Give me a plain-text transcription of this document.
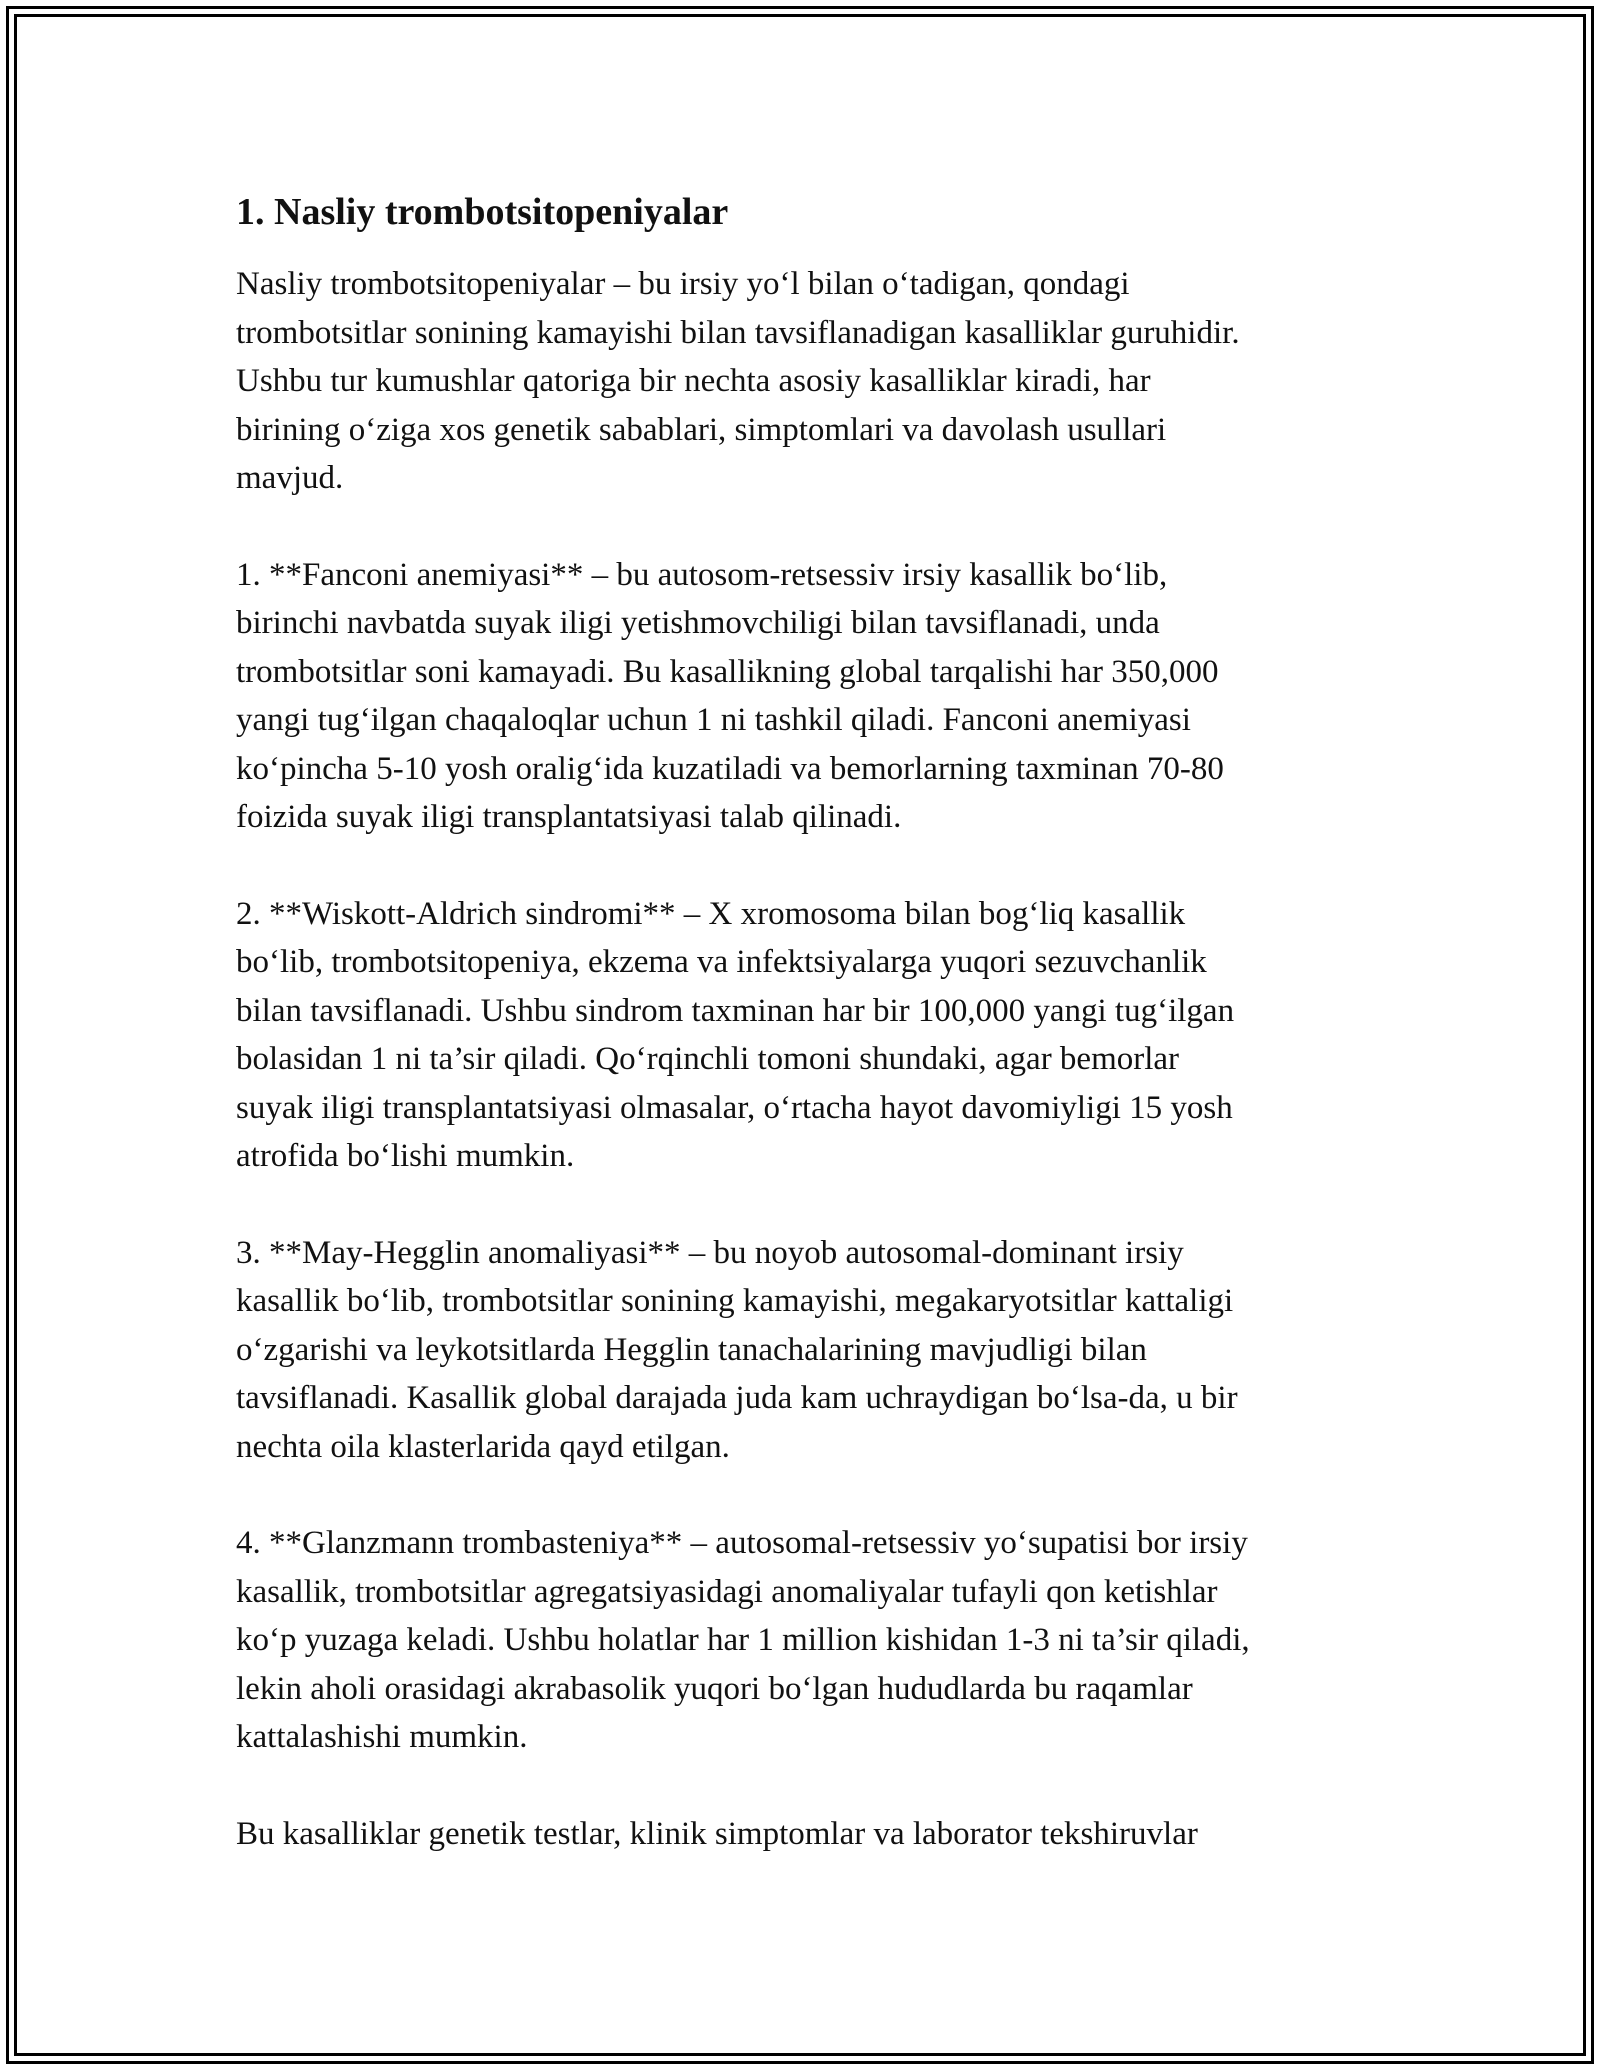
1. Nasliy trombotsitopeniyalar

Nasliy trombotsitopeniyalar – bu irsiy yo‘l bilan o‘tadigan, qondagi
trombotsitlar sonining kamayishi bilan tavsiflanadigan kasalliklar guruhidir.
Ushbu tur kumushlar qatoriga bir nechta asosiy kasalliklar kiradi, har
birining o‘ziga xos genetik sabablari, simptomlari va davolash usullari
mavjud.

1. **Fanconi anemiyasi** – bu autosom-retsessiv irsiy kasallik bo‘lib,
birinchi navbatda suyak iligi yetishmovchiligi bilan tavsiflanadi, unda
trombotsitlar soni kamayadi. Bu kasallikning global tarqalishi har 350,000
yangi tug‘ilgan chaqaloqlar uchun 1 ni tashkil qiladi. Fanconi anemiyasi
ko‘pincha 5-10 yosh oralig‘ida kuzatiladi va bemorlarning taxminan 70-80
foizida suyak iligi transplantatsiyasi talab qilinadi.

2. **Wiskott-Aldrich sindromi** – X xromosoma bilan bog‘liq kasallik
bo‘lib, trombotsitopeniya, ekzema va infektsiyalarga yuqori sezuvchanlik
bilan tavsiflanadi. Ushbu sindrom taxminan har bir 100,000 yangi tug‘ilgan
bolasidan 1 ni ta’sir qiladi. Qo‘rqinchli tomoni shundaki, agar bemorlar
suyak iligi transplantatsiyasi olmasalar, o‘rtacha hayot davomiyligi 15 yosh
atrofida bo‘lishi mumkin.

3. **May-Hegglin anomaliyasi** – bu noyob autosomal-dominant irsiy
kasallik bo‘lib, trombotsitlar sonining kamayishi, megakaryotsitlar kattaligi
o‘zgarishi va leykotsitlarda Hegglin tanachalarining mavjudligi bilan
tavsiflanadi. Kasallik global darajada juda kam uchraydigan bo‘lsa-da, u bir
nechta oila klasterlarida qayd etilgan.

4. **Glanzmann trombasteniya** – autosomal-retsessiv yo‘supatisi bor irsiy
kasallik, trombotsitlar agregatsiyasidagi anomaliyalar tufayli qon ketishlar
ko‘p yuzaga keladi. Ushbu holatlar har 1 million kishidan 1-3 ni ta’sir qiladi,
lekin aholi orasidagi akrabasolik yuqori bo‘lgan hududlarda bu raqamlar
kattalashishi mumkin.

Bu kasalliklar genetik testlar, klinik simptomlar va laborator tekshiruvlar
